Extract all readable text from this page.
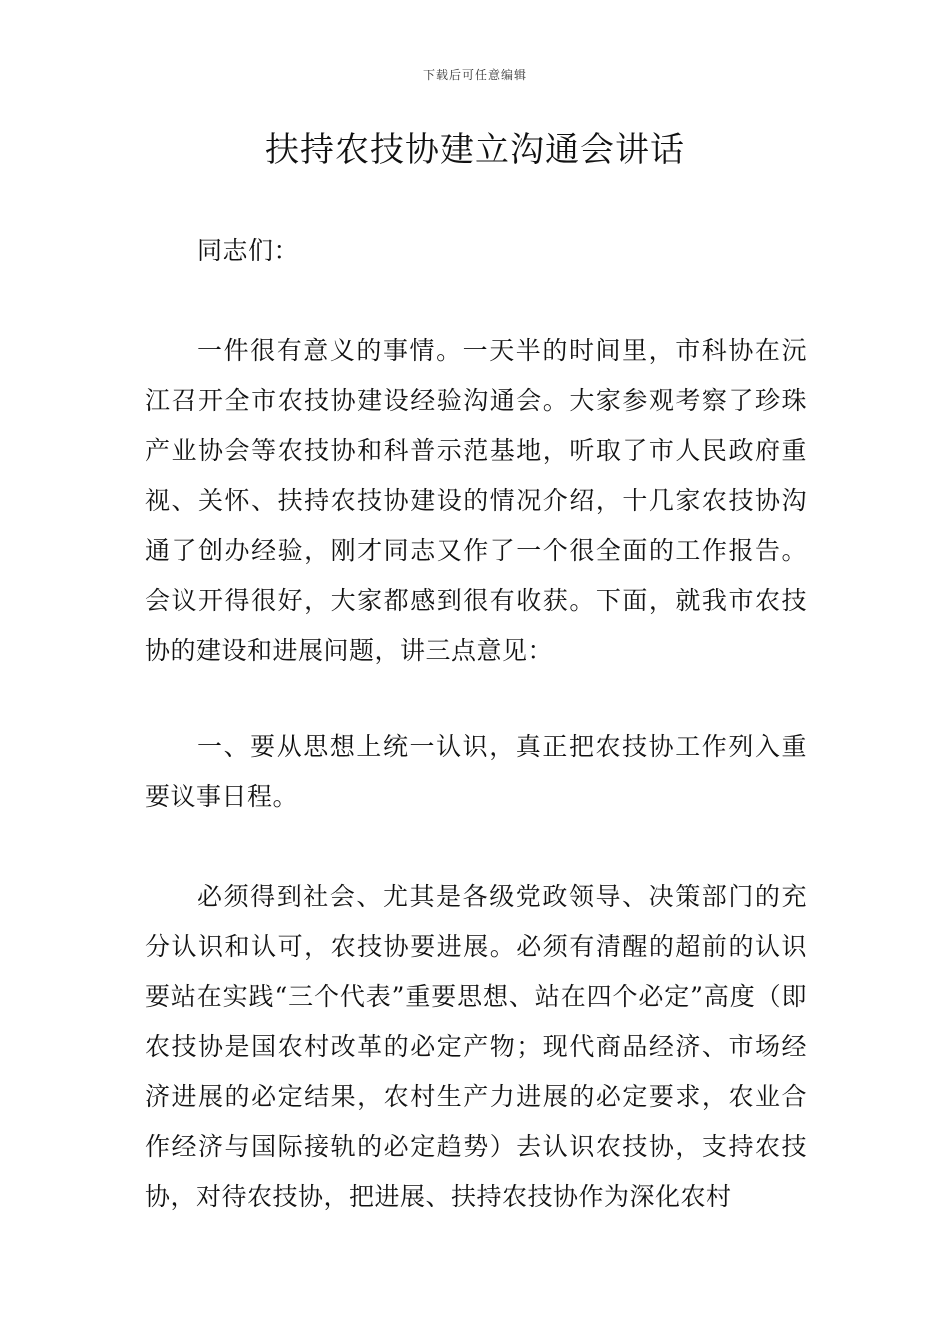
下载后可任意编辑
扶持农技协建立沟通会讲话

同志们：

一件很有意义的事情。一天半的时间里，市科协在沅江召开全市农技协建设经验沟通会。大家参观考察了珍珠产业协会等农技协和科普示范基地，听取了市人民政府重视、关怀、扶持农技协建设的情况介绍，十几家农技协沟通了创办经验，刚才同志又作了一个很全面的工作报告。会议开得很好，大家都感到很有收获。下面，就我市农技协的建设和进展问题，讲三点意见：

一、要从思想上统一认识，真正把农技协工作列入重要议事日程。

必须得到社会、尤其是各级党政领导、决策部门的充分认识和认可，农技协要进展。必须有清醒的超前的认识要站在实践“三个代表”重要思想、站在四个必定”高度（即农技协是国农村改革的必定产物；现代商品经济、市场经济进展的必定结果，农村生产力进展的必定要求，农业合作经济与国际接轨的必定趋势）去认识农技协，支持农技协，对待农技协，把进展、扶持农技协作为深化农村
